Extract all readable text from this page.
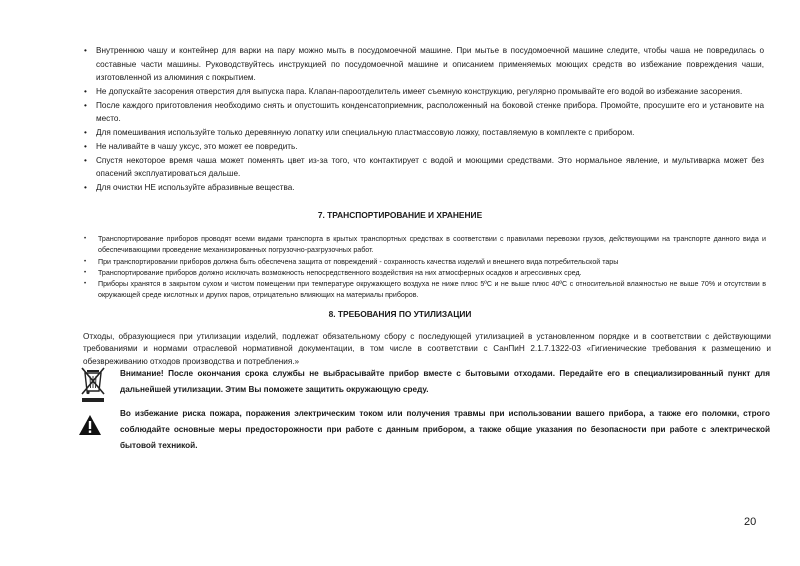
• Внутреннюю чашу и контейнер для варки на пару можно мыть в посудомоечной машине. При мытье в посудомоечной машине следите, чтобы чаша не повредилась о составные части машины. Руководствуйтесь инструкцией по посудомоечной машине и описанием применяемых моющих средств во избежание повреждения чаши, изготовленной из алюминия с покрытием.
• Не допускайте засорения отверстия для выпуска пара. Клапан-пароотделитель имеет съемную конструкцию, регулярно промывайте его водой во избежание засорения.
• После каждого приготовления необходимо снять и опустошить конденсатоприемник, расположенный на боковой стенке прибора. Промойте, просушите его и установите на место.
• Для помешивания используйте только деревянную лопатку или специальную пластмассовую ложку, поставляемую в комплекте с прибором.
• Не наливайте в чашу уксус, это может ее повредить.
• Спустя некоторое время чаша может поменять цвет из-за того, что контактирует с водой и моющими средствами. Это нормальное явление, и мультиварка может без опасений эксплуатироваться дальше.
• Для очистки НЕ используйте абразивные вещества.
7. ТРАНСПОРТИРОВАНИЕ И ХРАНЕНИЕ
• Транспортирование приборов проводят всеми видами транспорта в крытых транспортных средствах в соответствии с правилами перевозки грузов, действующими на транспорте данного вида и обеспечивающими проведение механизированных погрузочно-разгрузочных работ.
• При транспортировании приборов должна быть обеспечена защита от повреждений - сохранность качества изделий и внешнего вида потребительской тары
• Транспортирование приборов должно исключать возможность непосредственного воздействия на них атмосферных осадков и агрессивных сред.
• Приборы хранятся в закрытом сухом и чистом помещении при температуре окружающего воздуха не ниже плюс 5ºC и не выше плюс 40ºC с относительной влажностью не выше 70% и отсутствии в окружающей среде кислотных и других паров, отрицательно влияющих на материалы приборов.
8. ТРЕБОВАНИЯ ПО УТИЛИЗАЦИИ

Отходы, образующиеся при утилизации изделий, подлежат обязательному сбору с последующей утилизацией в установленном порядке и в соответствии с действующими требованиями и нормами отраслевой нормативной документации, в том числе в соответствии с СанПиН 2.1.7.1322-03 «Гигиенические требования к размещению и обезвреживанию отходов производства и потребления.»

Внимание! После окончания срока службы не выбрасывайте прибор вместе с бытовыми отходами. Передайте его в специализированный пункт для дальнейшей утилизации. Этим Вы поможете защитить окружающую среду.

Во избежание риска пожара, поражения электрическим током или получения травмы при использовании вашего прибора, а также его поломки, строго соблюдайте основные меры предосторожности при работе с данным прибором, а также общие указания по безопасности при работе с электрической бытовой техникой.

20
